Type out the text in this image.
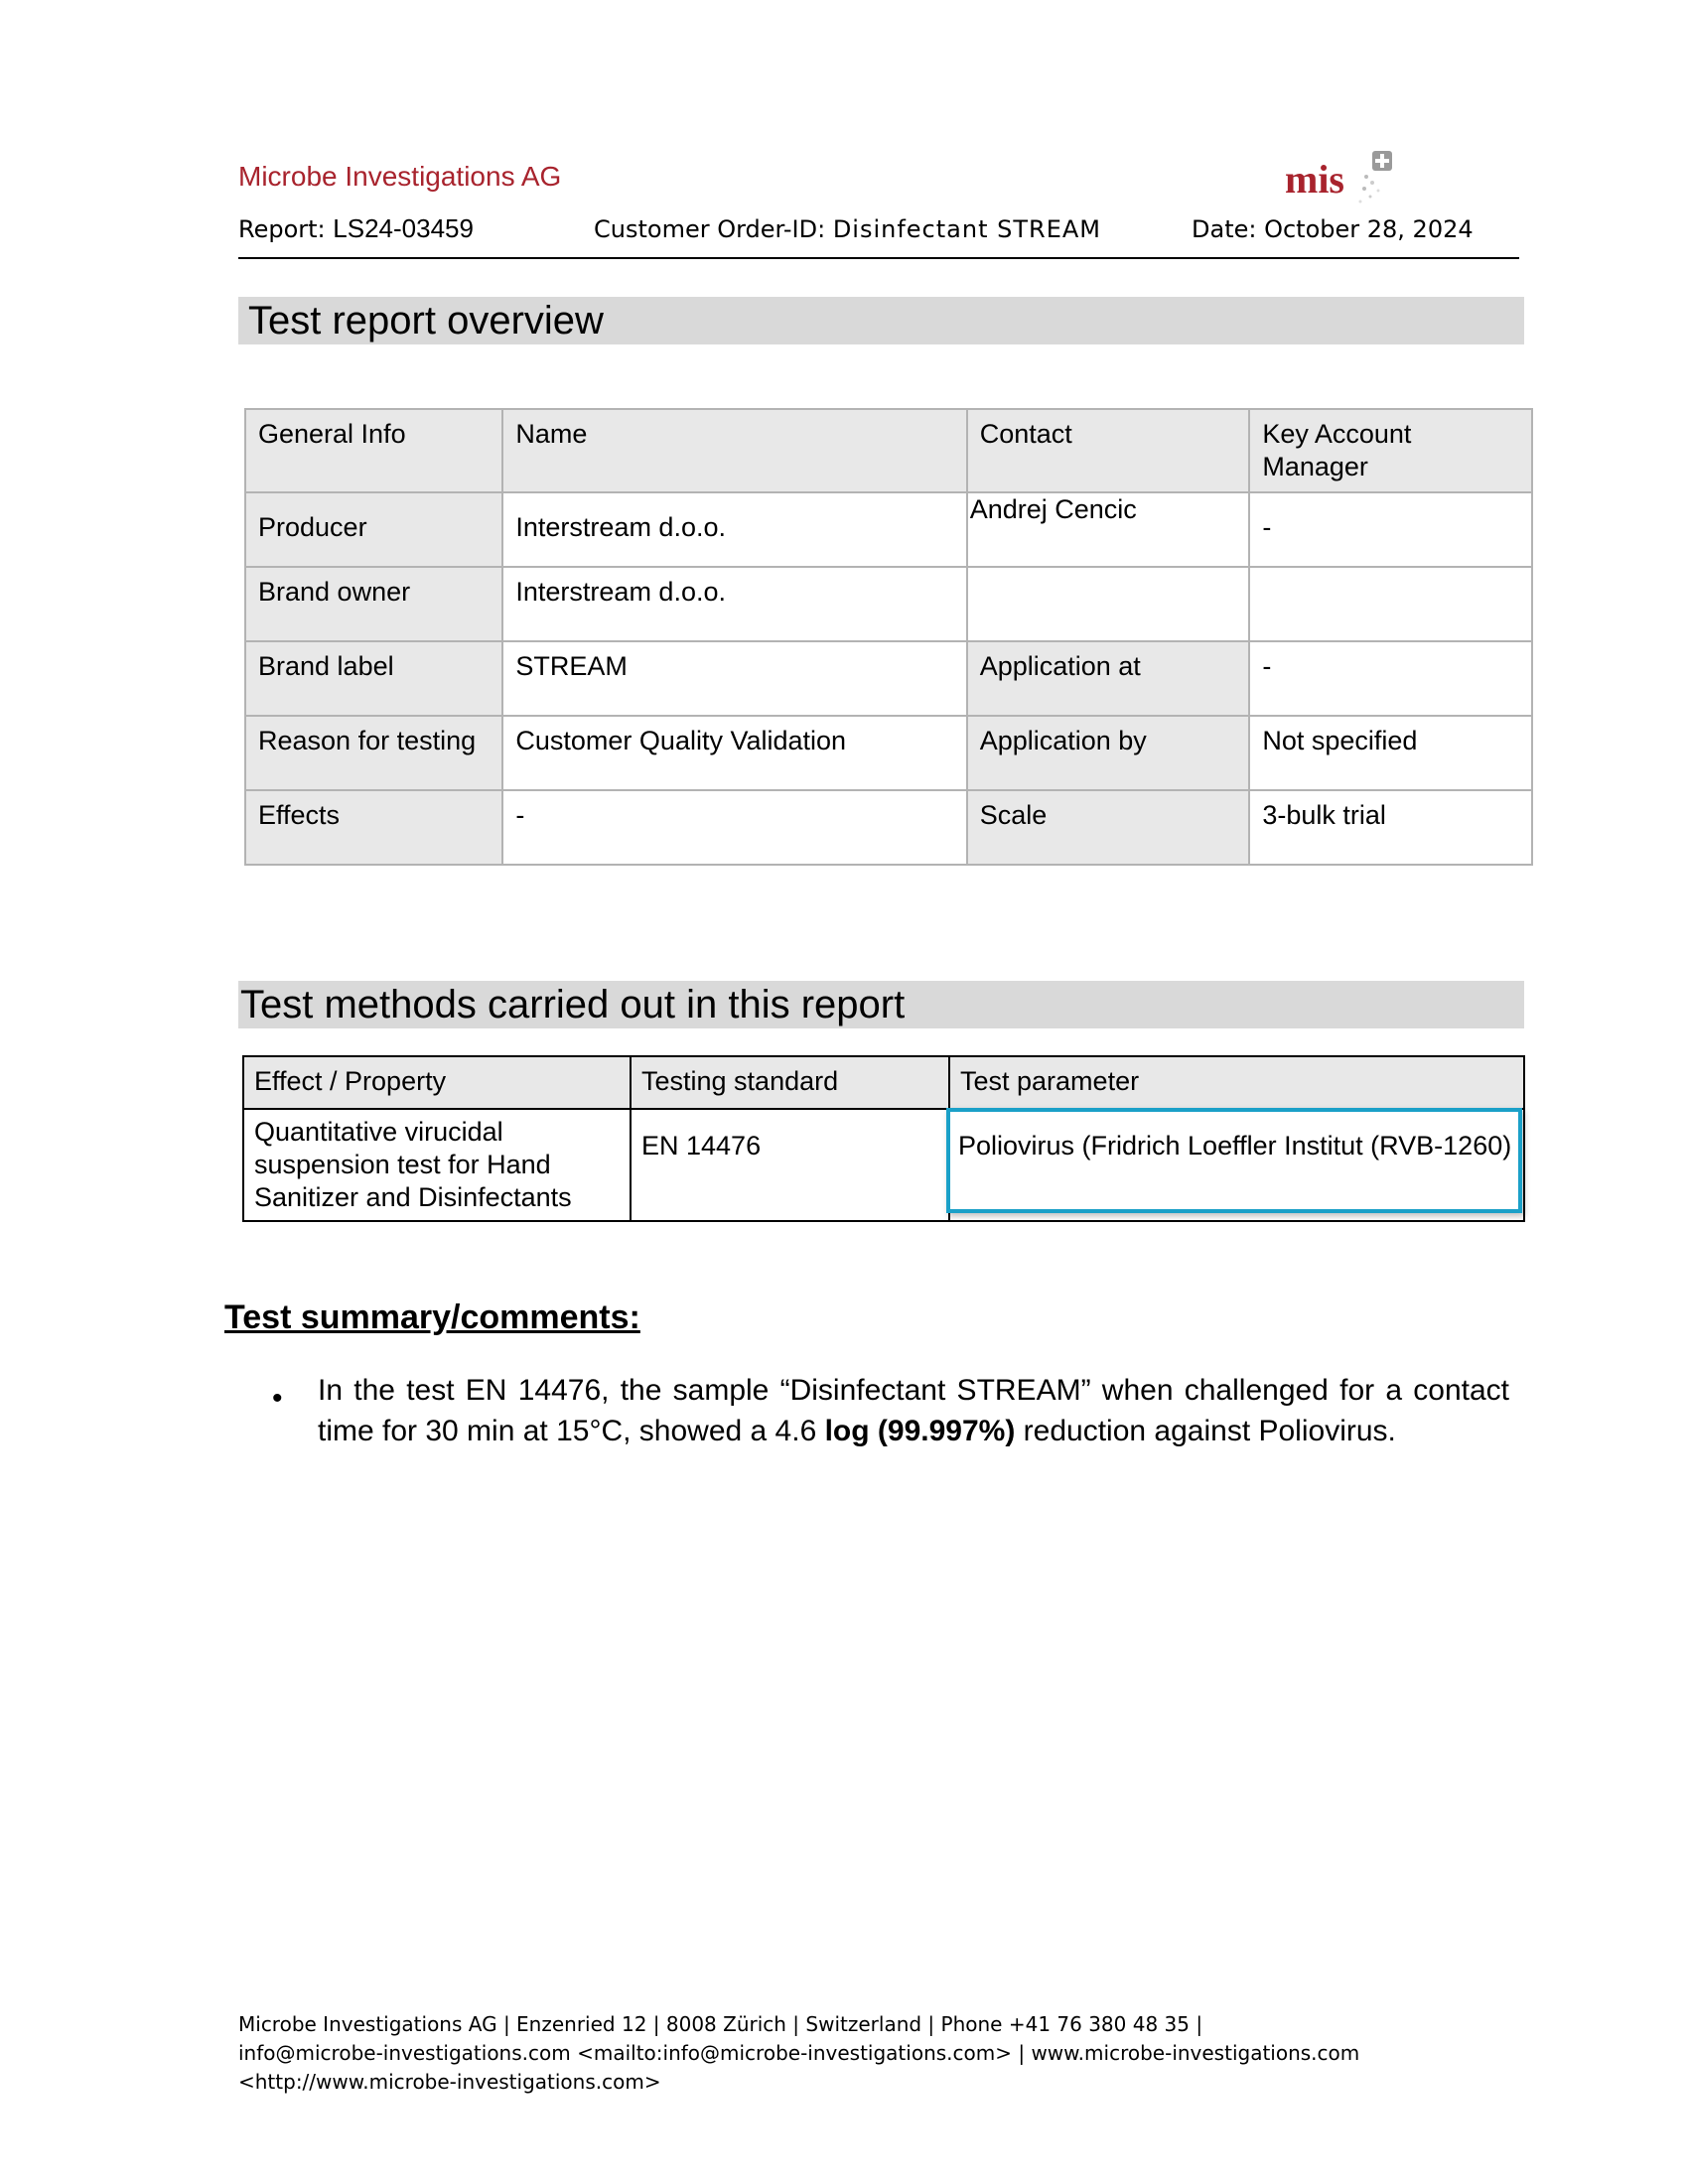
Microbe Investigations AG	mis
Report: LS24-03459	Customer Order-ID: Disinfectant STREAM	Date: October 28, 2024
Test report overview
General Info	Name	Contact	Key Account Manager
Producer	Interstream d.o.o.	Andrej Cencic	-
Brand owner	Interstream d.o.o.		
Brand label	STREAM	Application at	-
Reason for testing	Customer Quality Validation	Application by	Not specified
Effects	-	Scale	3-bulk trial
Test methods carried out in this report
Effect / Property	Testing standard	Test parameter
Quantitative virucidal suspension test for Hand Sanitizer and Disinfectants	EN 14476	Poliovirus (Fridrich Loeffler Institut (RVB-1260)
Test summary/comments:
• In the test EN 14476, the sample “Disinfectant STREAM” when challenged for a contact time for 30 min at 15°C, showed a 4.6 log (99.997%) reduction against Poliovirus.
Microbe Investigations AG | Enzenried 12 | 8008 Zürich | Switzerland | Phone +41 76 380 48 35 |
info@microbe-investigations.com <mailto:info@microbe-investigations.com> | www.microbe-investigations.com
<http://www.microbe-investigations.com>
